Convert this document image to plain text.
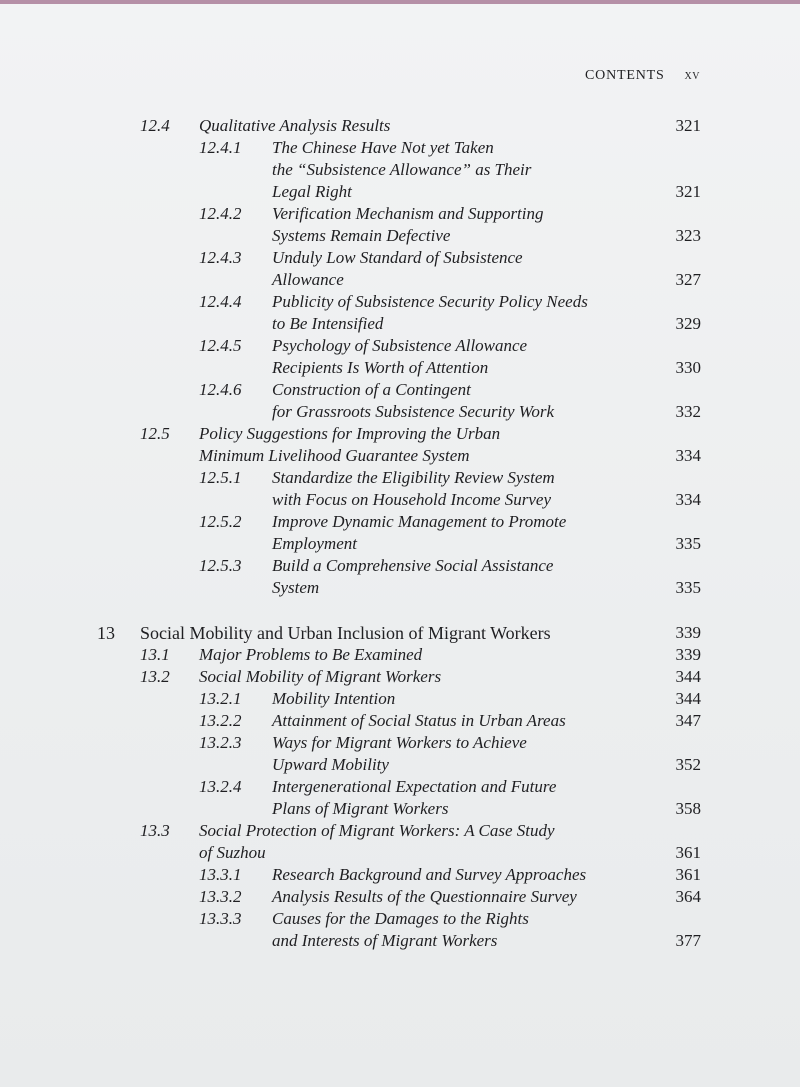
CONTENTS xv
12.4 Qualitative Analysis Results	321
12.4.1 The Chinese Have Not yet Taken
the “Subsistence Allowance” as Their
Legal Right	321
12.4.2 Verification Mechanism and Supporting
Systems Remain Defective	323
12.4.3 Unduly Low Standard of Subsistence
Allowance	327
12.4.4 Publicity of Subsistence Security Policy Needs
to Be Intensified	329
12.4.5 Psychology of Subsistence Allowance
Recipients Is Worth of Attention	330
12.4.6 Construction of a Contingent
for Grassroots Subsistence Security Work	332
12.5 Policy Suggestions for Improving the Urban
Minimum Livelihood Guarantee System	334
12.5.1 Standardize the Eligibility Review System
with Focus on Household Income Survey	334
12.5.2 Improve Dynamic Management to Promote
Employment	335
12.5.3 Build a Comprehensive Social Assistance
System	335
13 Social Mobility and Urban Inclusion of Migrant Workers	339
13.1 Major Problems to Be Examined	339
13.2 Social Mobility of Migrant Workers	344
13.2.1 Mobility Intention	344
13.2.2 Attainment of Social Status in Urban Areas	347
13.2.3 Ways for Migrant Workers to Achieve
Upward Mobility	352
13.2.4 Intergenerational Expectation and Future
Plans of Migrant Workers	358
13.3 Social Protection of Migrant Workers: A Case Study
of Suzhou	361
13.3.1 Research Background and Survey Approaches	361
13.3.2 Analysis Results of the Questionnaire Survey	364
13.3.3 Causes for the Damages to the Rights
and Interests of Migrant Workers	377
